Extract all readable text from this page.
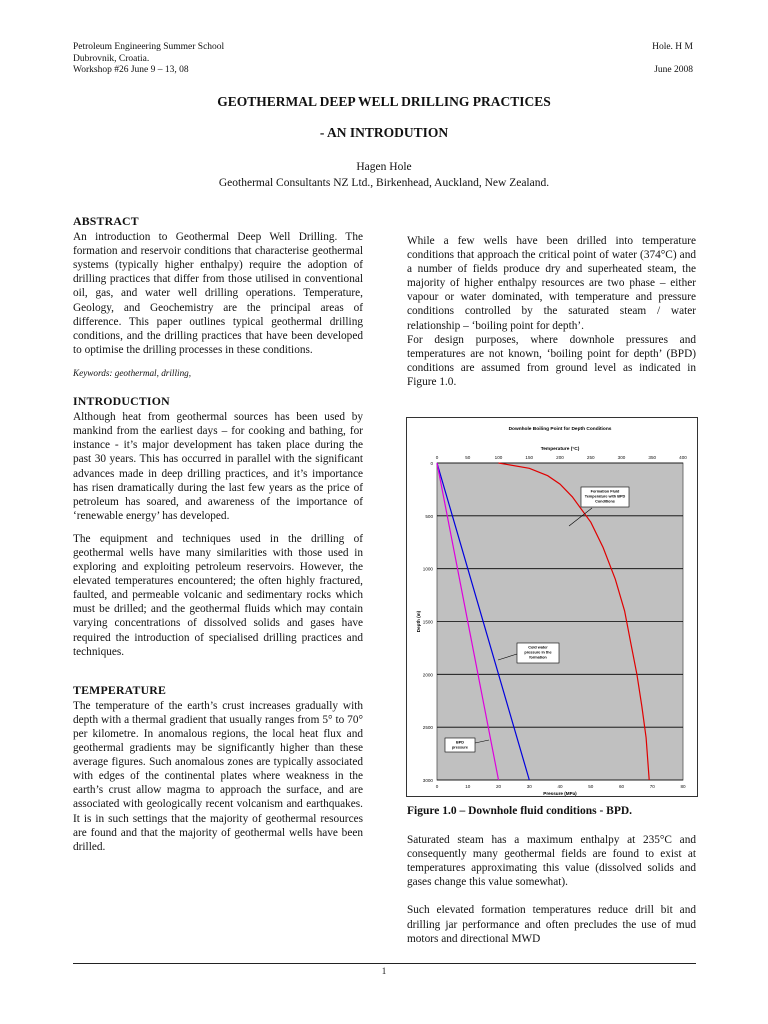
Petroleum Engineering Summer School
Dubrovnik, Croatia.
Workshop #26 June 9 – 13, 08
Hole. H M

June 2008
GEOTHERMAL DEEP WELL DRILLING PRACTICES
- AN INTRODUTION
Hagen Hole
Geothermal Consultants NZ Ltd., Birkenhead, Auckland, New Zealand.

ABSTRACT

An introduction to Geothermal Deep Well Drilling. The formation and reservoir conditions that characterise geothermal systems (typically higher enthalpy) require the adoption of drilling practices that differ from those utilised in conventional oil, gas, and water well drilling operations. Temperature, Geology, and Geochemistry are the principal areas of difference. This paper outlines typical geothermal drilling conditions, and the drilling practices that have been developed to optimise the drilling processes in these conditions.

Keywords: geothermal, drilling,

INTRODUCTION

Although heat from geothermal sources has been used by mankind from the earliest days – for cooking and bathing, for instance - it’s major development has taken place during the past 30 years. This has occurred in parallel with the significant advances made in deep drilling practices, and it’s importance has risen dramatically during the last few years as the price of petroleum has soared, and awareness of the importance of ‘renewable energy’ has developed.

The equipment and techniques used in the drilling of geothermal wells have many similarities with those used in exploring and exploiting petroleum reservoirs. However, the elevated temperatures encountered; the often highly fractured, faulted, and permeable volcanic and sedimentary rocks which must be drilled; and the geothermal fluids which may contain varying concentrations of dissolved solids and gases have required the introduction of specialised drilling practices and techniques.

TEMPERATURE

The temperature of the earth’s crust increases gradually with depth with a thermal gradient that usually ranges from 5° to 70° per kilometre. In anomalous regions, the local heat flux and geothermal gradients may be significantly higher than these average figures. Such anomalous zones are typically associated with edges of the continental plates where weakness in the earth’s crust allow magma to approach the surface, and are associated with geologically recent volcanism and earthquakes. It is in such settings that the majority of geothermal resources are found and that the majority of geothermal wells have been drilled.

While a few wells have been drilled into temperature conditions that approach the critical point of water (374°C) and a number of fields produce dry and superheated steam, the majority of higher enthalpy resources are two phase – either vapour or water dominated, with temperature and pressure conditions controlled by the saturated steam / water relationship – ‘boiling point for depth’.

For design purposes, where downhole pressures and temperatures are not known, ‘boiling point for depth’ (BPD) conditions are assumed from ground level as indicated in Figure 1.0.

0
500
1000
1500
2000
2500
3000
0	50	100	150	200	250	300	350	400
0	10	20	30	40	50	60	70	80
Downhole Boiling Point for Depth Conditions
Temperature (°C)
Pressure (MPa)
Depth (m)
Formation Fluid
Temperature with BPD
Conditions
Cold water
pressure in the
formation
BPD
pressure

Figure 1.0 – Downhole fluid conditions - BPD.

Saturated steam has a maximum enthalpy at 235°C and consequently many geothermal fields are found to exist at temperatures approximating this value (dissolved solids and gases change this value somewhat).

Such elevated formation temperatures reduce drill bit and drilling jar performance and often precludes the use of mud motors and directional MWD

1
